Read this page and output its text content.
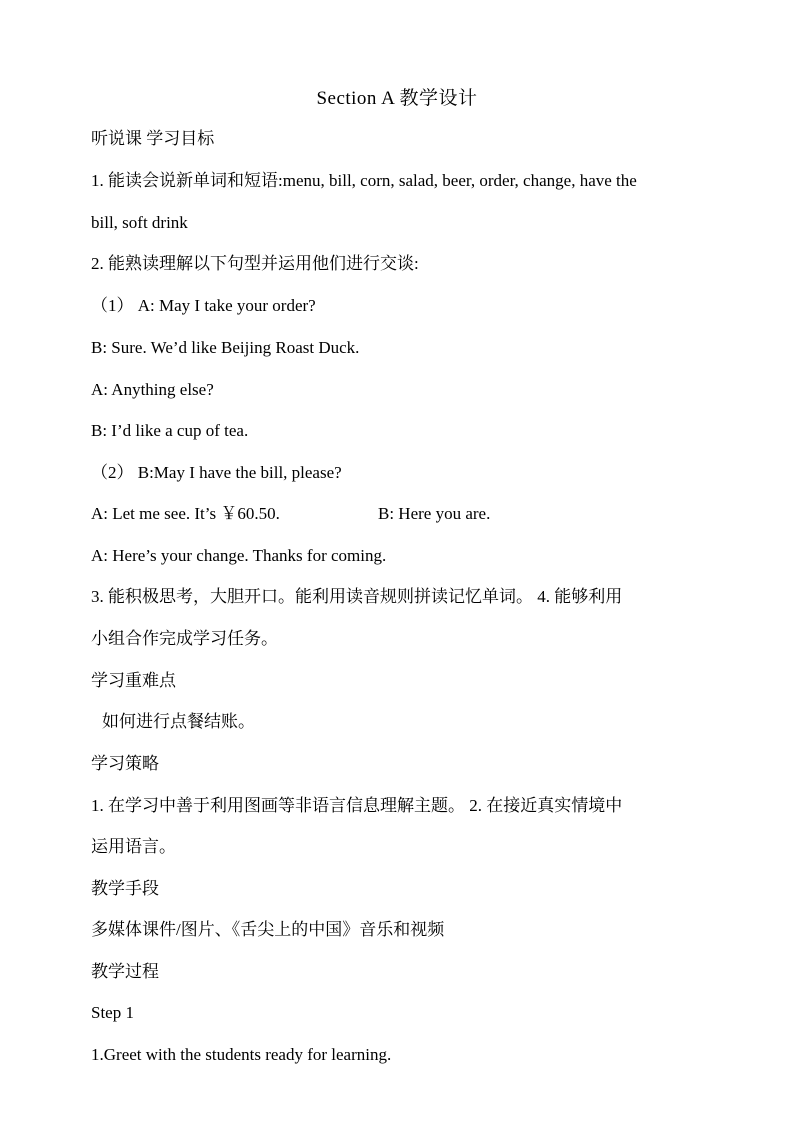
Section A 教学设计
听说课 学习目标
1. 能读会说新单词和短语:menu, bill, corn, salad, beer, order, change, have the
bill, soft drink
2. 能熟读理解以下句型并运用他们进行交谈:
（1） A: May I take your order?
B: Sure. We’d like Beijing Roast Duck.
A: Anything else?
B: I’d like a cup of tea.
（2） B:May I have the bill, please?
A: Let me see. It’s ￥60.50.	B: Here you are.
A: Here’s your change. Thanks for coming.
3. 能积极思考，大胆开口。能利用读音规则拼读记忆单词。 4. 能够利用
小组合作完成学习任务。
学习重难点
如何进行点餐结账。
学习策略
1. 在学习中善于利用图画等非语言信息理解主题。 2. 在接近真实情境中
运用语言。
教学手段
多媒体课件/图片、《舌尖上的中国》音乐和视频
教学过程
Step 1
1.Greet with the students ready for learning.
